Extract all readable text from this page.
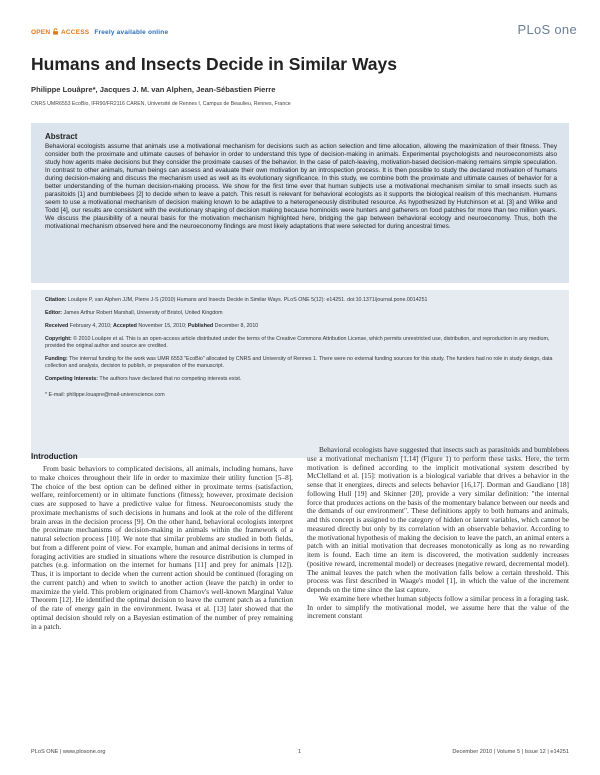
OPEN ACCESS Freely available online	PLoS one
Humans and Insects Decide in Similar Ways
Philippe Louâpre*, Jacques J. M. van Alphen, Jean-Sébastien Pierre
CNRS UMR6553 EcoBio, IFR90/FR2116 CAREN, Université de Rennes I, Campus de Beaulieu, Rennes, France
Abstract
Behavioral ecologists assume that animals use a motivational mechanism for decisions such as action selection and time allocation, allowing the maximization of their fitness. They consider both the proximate and ultimate causes of behavior in order to understand this type of decision-making in animals. Experimental psychologists and neuroeconomists also study how agents make decisions but they consider the proximate causes of the behavior. In the case of patch-leaving, motivation-based decision-making remains simple speculation. In contrast to other animals, human beings can assess and evaluate their own motivation by an introspection process. It is then possible to study the declared motivation of humans during decision-making and discuss the mechanism used as well as its evolutionary significance. In this study, we combine both the proximate and ultimate causes of behavior for a better understanding of the human decision-making process. We show for the first time ever that human subjects use a motivational mechanism similar to small insects such as parasitoids [1] and bumblebees [2] to decide when to leave a patch. This result is relevant for behavioral ecologists as it supports the biological realism of this mechanism. Humans seem to use a motivational mechanism of decision making known to be adaptive to a heterogeneously distributed resource. As hypothesized by Hutchinson et al. [3] and Wilke and Todd [4], our results are consistent with the evolutionary shaping of decision making because hominoids were hunters and gatherers on food patches for more than two million years. We discuss the plausibility of a neural basis for the motivation mechanism highlighted here, bridging the gap between behavioral ecology and neuroeconomy. Thus, both the motivational mechanism observed here and the neuroeconomy findings are most likely adaptations that were selected for during ancestral times.
Citation: Louâpre P, van Alphen JJM, Pierre J-S (2010) Humans and Insects Decide in Similar Ways. PLoS ONE 5(12): e14251. doi:10.1371/journal.pone.0014251
Editor: James Arthur Robert Marshall, University of Bristol, United Kingdom
Received February 4, 2010; Accepted November 15, 2010; Published December 8, 2010
Copyright: © 2010 Louâpre et al. This is an open-access article distributed under the terms of the Creative Commons Attribution License, which permits unrestricted use, distribution, and reproduction in any medium, provided the original author and source are credited.
Funding: The internal funding for the work was UMR 6553 "EcoBio" allocated by CNRS and University of Rennes 1. There were no external funding sources for this study. The funders had no role in study design, data collection and analysis, decision to publish, or preparation of the manuscript.
Competing Interests: The authors have declared that no competing interests exist.
* E-mail: philippe.louapre@mail-universcience.com
Introduction

From basic behaviors to complicated decisions, all animals, including humans, have to make choices throughout their life in order to maximize their utility function [5–8]. The choice of the best option can be defined either in proximate terms (satisfaction, welfare, reinforcement) or in ultimate functions (fitness); however, proximate decision cues are supposed to have a predictive value for fitness. Neuroeconomists study the proximate mechanisms of such decisions in humans and look at the role of the different brain areas in the decision process [9]. On the other hand, behavioral ecologists interpret the proximate mechanisms of decision-making in animals within the framework of a natural selection process [10]. We note that similar problems are studied in both fields, but from a different point of view. For example, human and animal decisions in terms of foraging activities are studied in situations where the resource distribution is clumped in patches (e.g. information on the internet for humans [11] and prey for animals [12]). Thus, it is important to decide when the current action should be continued (foraging on the current patch) and when to switch to another action (leave the patch) in order to maximize the yield. This problem originated from Charnov's well-known Marginal Value Theorem [12]. He identified the optimal decision to leave the current patch as a function of the rate of energy gain in the environment. Iwasa et al. [13] later showed that the optimal decision should rely on a Bayesian estimation of the number of prey remaining in a patch.

Behavioral ecologists have suggested that insects such as parasitoids and bumblebees use a motivational mechanism [1,14] (Figure 1) to perform these tasks. Here, the term motivation is defined according to the implicit motivational system described by McClelland et al. [15]: motivation is a biological variable that drives a behavior in the sense that it energizes, directs and selects behavior [16,17]. Dorman and Gaudiano [18] following Hull [19] and Skinner [20], provide a very similar definition: "the internal force that produces actions on the basis of the momentary balance between our needs and the demands of our environment". These definitions apply to both humans and animals, and this concept is assigned to the category of hidden or latent variables, which cannot be measured directly but only by its correlation with an observable behavior. According to the motivational hypothesis of making the decision to leave the patch, an animal enters a patch with an initial motivation that decreases monotonically as long as no rewarding item is found. Each time an item is discovered, the motivation suddenly increases (positive reward, incremental model) or decreases (negative reward, decremental model). The animal leaves the patch when the motivation falls below a certain threshold. This process was first described in Waage's model [1], in which the value of the increment depends on the time since the last capture.

We examine here whether human subjects follow a similar process in a foraging task. In order to simplify the motivational model, we assume here that the value of the increment constant

PLoS ONE | www.plosone.org	1	December 2010 | Volume 5 | Issue 12 | e14251
